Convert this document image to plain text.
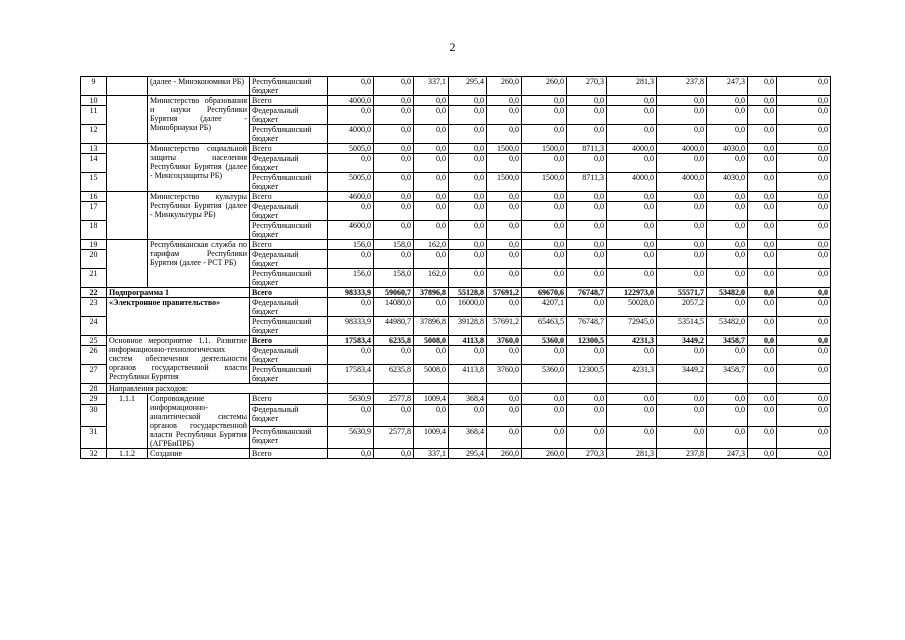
2
9		(далее - Минэкономики РБ)	Республиканский бюджет	0,0	0,0	337,1	295,4	260,0	260,0	270,3	281,3	237,8	247,3	0,0	0,0
10		Министерство образования и науки Республики Бурятия (далее - Минобрнауки РБ)	Всего	4000,0	0,0	0,0	0,0	0,0	0,0	0,0	0,0	0,0	0,0	0,0	0,0
11			Федеральный бюджет	0,0	0,0	0,0	0,0	0,0	0,0	0,0	0,0	0,0	0,0	0,0	0,0
12			Республиканский бюджет	4000,0	0,0	0,0	0,0	0,0	0,0	0,0	0,0	0,0	0,0	0,0	0,0
13		Министерство социальной защиты населения Республики Бурятия (далее - Минсоцзащиты РБ)	Всего	5005,0	0,0	0,0	0,0	1500,0	1500,0	8711,3	4000,0	4000,0	4030,0	0,0	0,0
14			Федеральный бюджет	0,0	0,0	0,0	0,0	0,0	0,0	0,0	0,0	0,0	0,0	0,0	0,0
15			Республиканский бюджет	5005,0	0,0	0,0	0,0	1500,0	1500,0	8711,3	4000,0	4000,0	4030,0	0,0	0,0
16		Министерство культуры Республики Бурятия (далее - Минкультуры РБ)	Всего	4600,0	0,0	0,0	0,0	0,0	0,0	0,0	0,0	0,0	0,0	0,0	0,0
17			Федеральный бюджет	0,0	0,0	0,0	0,0	0,0	0,0	0,0	0,0	0,0	0,0	0,0	0,0
18			Республиканский бюджет	4600,0	0,0	0,0	0,0	0,0	0,0	0,0	0,0	0,0	0,0	0,0	0,0
19		Республиканская служба по тарифам Республики Бурятия (далее - РСТ РБ)	Всего	156,0	158,0	162,0	0,0	0,0	0,0	0,0	0,0	0,0	0,0	0,0	0,0
20			Федеральный бюджет	0,0	0,0	0,0	0,0	0,0	0,0	0,0	0,0	0,0	0,0	0,0	0,0
21			Республиканский бюджет	156,0	158,0	162,0	0,0	0,0	0,0	0,0	0,0	0,0	0,0	0,0	0,0
22	Подпрограмма 1		Всего	98333,9	59060,7	37896,8	55128,8	57691,2	69670,6	76748,7	122973,0	55571,7	53482,0	0,0	0,0
23	«Электронное правительство»		Федеральный бюджет	0,0	14080,0	0,0	16000,0	0,0	4207,1	0,0	50028,0	2057,2	0,0	0,0	0,0
24			Республиканский бюджет	98333,9	44980,7	37896,8	39128,8	57691,2	65463,5	76748,7	72945,0	53514,5	53482,0	0,0	0,0
25	Основное мероприятие 1.1. Развитие информационно-технологических систем обеспечения деятельности органов государственной власти Республики Бурятия		Всего	17583,4	6235,8	5008,0	4113,8	3760,0	5360,0	12300,5	4231,3	3449,2	3458,7	0,0	0,0
26			Федеральный бюджет	0,0	0,0	0,0	0,0	0,0	0,0	0,0	0,0	0,0	0,0	0,0	0,0
27			Республиканский бюджет	17583,4	6235,8	5008,0	4113,8	3760,0	5360,0	12300,5	4231,3	3449,2	3458,7	0,0	0,0
28	Направления расходов:														
29	1.1.1	Сопровождение информационно-аналитической системы органов государственной власти Республики Бурятия (АГРБиПРБ)	Всего	5630,9	2577,8	1009,4	368,4	0,0	0,0	0,0	0,0	0,0	0,0	0,0	0,0
30			Федеральный бюджет	0,0	0,0	0,0	0,0	0,0	0,0	0,0	0,0	0,0	0,0	0,0	0,0
31			Республиканский бюджет	5630,9	2577,8	1009,4	368,4	0,0	0,0	0,0	0,0	0,0	0,0	0,0	0,0
32	1.1.2	Создание	Всего	0,0	0,0	337,1	295,4	260,0	260,0	270,3	281,3	237,8	247,3	0,0	0,0
